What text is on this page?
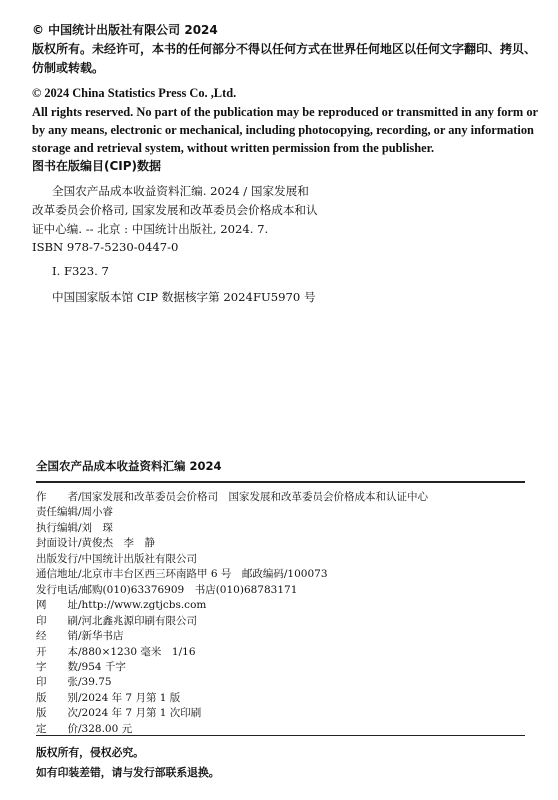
© 中国统计出版社有限公司 2024
版权所有。未经许可，本书的任何部分不得以任何方式在世界任何地区以任何文字翻印、拷贝、
仿制或转载。
© 2024 China Statistics Press Co. ,Ltd.
All rights reserved. No part of the publication may be reproduced or transmitted in any form or
by any means, electronic or mechanical, including photocopying, recording, or any information
storage and retrieval system, without written permission from the publisher.
图书在版编目(CIP)数据
全国农产品成本收益资料汇编. 2024 / 国家发展和
改革委员会价格司, 国家发展和改革委员会价格成本和认
证中心编. -- 北京 : 中国统计出版社, 2024. 7.
ISBN 978-7-5230-0447-0
Ⅰ. F323. 7
中国国家版本馆 CIP 数据核字第 2024FU5970 号
全国农产品成本收益资料汇编 2024
作　　者/国家发展和改革委员会价格司　国家发展和改革委员会价格成本和认证中心
责任编辑/周小睿
执行编辑/刘　琛
封面设计/黄俊杰　李　静
出版发行/中国统计出版社有限公司
通信地址/北京市丰台区西三环南路甲 6 号　邮政编码/100073
发行电话/邮购(010)63376909　书店(010)68783171
网　　址/http://www.zgtjcbs.com
印　　刷/河北鑫兆源印刷有限公司
经　　销/新华书店
开　　本/880×1230 毫米　1/16
字　　数/954 千字
印　　张/39.75
版　　别/2024 年 7 月第 1 版
版　　次/2024 年 7 月第 1 次印刷
定　　价/328.00 元
版权所有，侵权必究。
如有印装差错，请与发行部联系退换。
